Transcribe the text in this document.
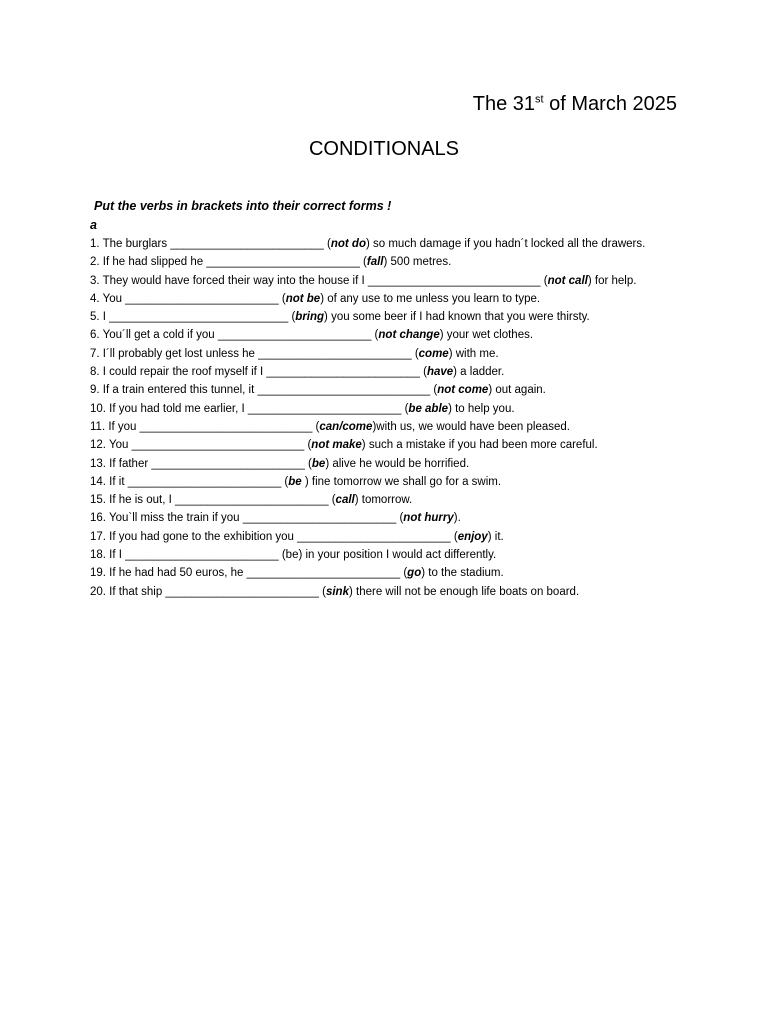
The 31st of March 2025
CONDITIONALS
Put the verbs in brackets into their correct forms !
a
1. The burglars ________________________ (not do) so much damage if you hadn´t locked all the drawers.
2. If he had slipped he ________________________ (fall) 500 metres.
3. They would have forced their way into the house if I ___________________________ (not call) for help.
4. You ________________________ (not be) of any use to me unless you learn to type.
5. I ____________________________ (bring) you some beer if I had known that you were thirsty.
6. You´ll get a cold if you ________________________ (not change) your wet clothes.
7. I´ll probably get lost unless he ________________________ (come) with me.
8. I could repair the roof myself if I ________________________ (have) a ladder.
9. If a train entered this tunnel, it ___________________________ (not come) out again.
10. If you had told me earlier, I ________________________ (be able) to help you.
11. If you ___________________________ (can/come)with us, we would have been pleased.
12. You ___________________________ (not make) such a mistake if you had been more careful.
13. If father ________________________ (be) alive he would be horrified.
14. If it ________________________ (be ) fine tomorrow we shall go for a swim.
15. If he is out, I ________________________ (call) tomorrow.
16. You`ll miss the train if you ________________________ (not hurry).
17. If you had gone to the exhibition you ________________________ (enjoy) it.
18. If I ________________________ (be) in your position I would act differently.
19. If he had had 50 euros, he ________________________ (go) to the stadium.
20. If that ship ________________________ (sink) there will not be enough life boats on board.
